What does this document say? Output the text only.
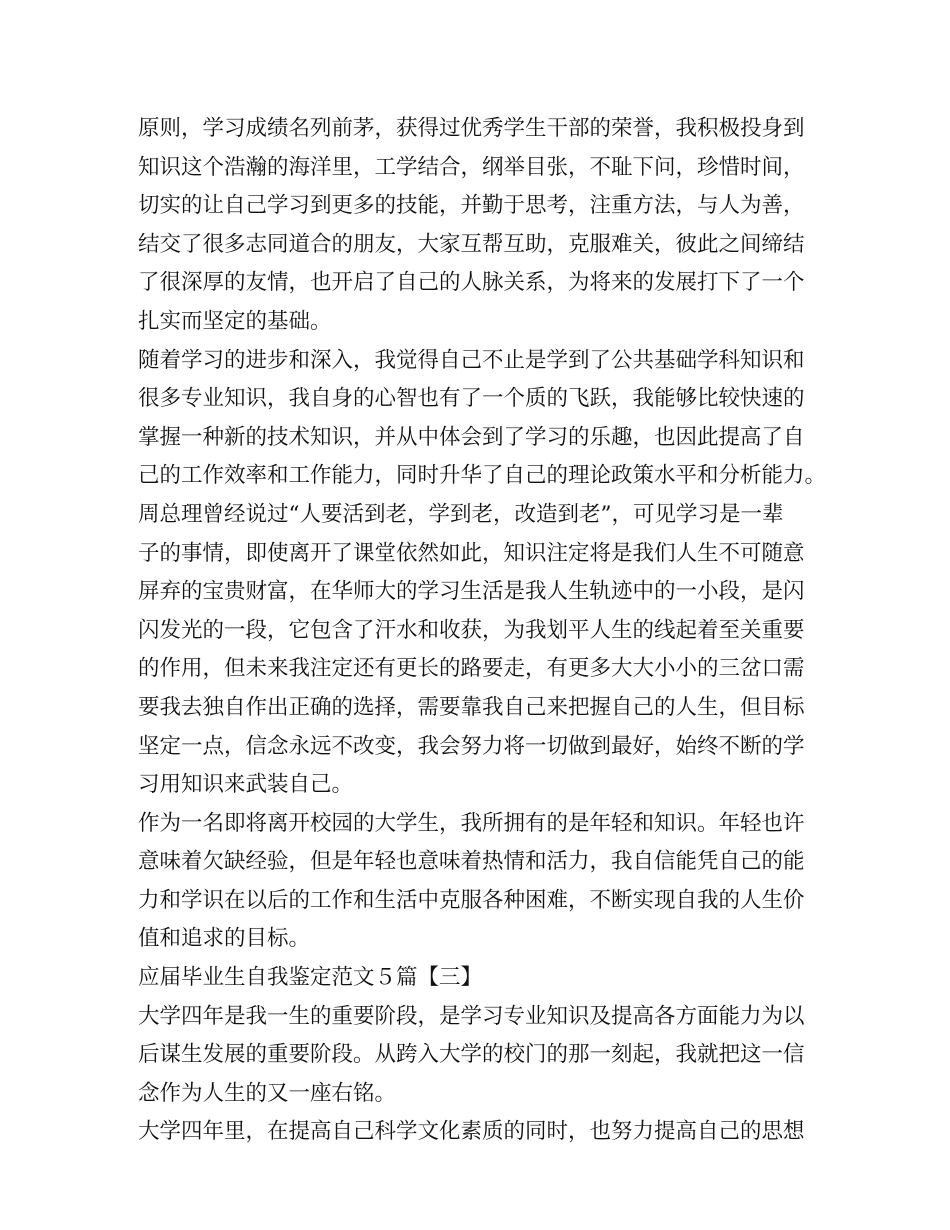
原则，学习成绩名列前茅，获得过优秀学生干部的荣誉，我积极投身到
知识这个浩瀚的海洋里，工学结合，纲举目张，不耻下问，珍惜时间，
切实的让自己学习到更多的技能，并勤于思考，注重方法，与人为善，
结交了很多志同道合的朋友，大家互帮互助，克服难关，彼此之间缔结
了很深厚的友情，也开启了自己的人脉关系，为将来的发展打下了一个
扎实而坚定的基础。
随着学习的进步和深入，我觉得自己不止是学到了公共基础学科知识和
很多专业知识，我自身的心智也有了一个质的飞跃，我能够比较快速的
掌握一种新的技术知识，并从中体会到了学习的乐趣，也因此提高了自
己的工作效率和工作能力，同时升华了自己的理论政策水平和分析能力。
周总理曾经说过“人要活到老，学到老，改造到老”，可见学习是一辈
子的事情，即使离开了课堂依然如此，知识注定将是我们人生不可随意
屏弃的宝贵财富，在华师大的学习生活是我人生轨迹中的一小段，是闪
闪发光的一段，它包含了汗水和收获，为我划平人生的线起着至关重要
的作用，但未来我注定还有更长的路要走，有更多大大小小的三岔口需
要我去独自作出正确的选择，需要靠我自己来把握自己的人生，但目标
坚定一点，信念永远不改变，我会努力将一切做到最好，始终不断的学
习用知识来武装自己。
作为一名即将离开校园的大学生，我所拥有的是年轻和知识。年轻也许
意味着欠缺经验，但是年轻也意味着热情和活力，我自信能凭自己的能
力和学识在以后的工作和生活中克服各种困难，不断实现自我的人生价
值和追求的目标。
应届毕业生自我鉴定范文５篇【三】
大学四年是我一生的重要阶段，是学习专业知识及提高各方面能力为以
后谋生发展的重要阶段。从跨入大学的校门的那一刻起，我就把这一信
念作为人生的又一座右铭。
大学四年里，在提高自己科学文化素质的同时，也努力提高自己的思想
